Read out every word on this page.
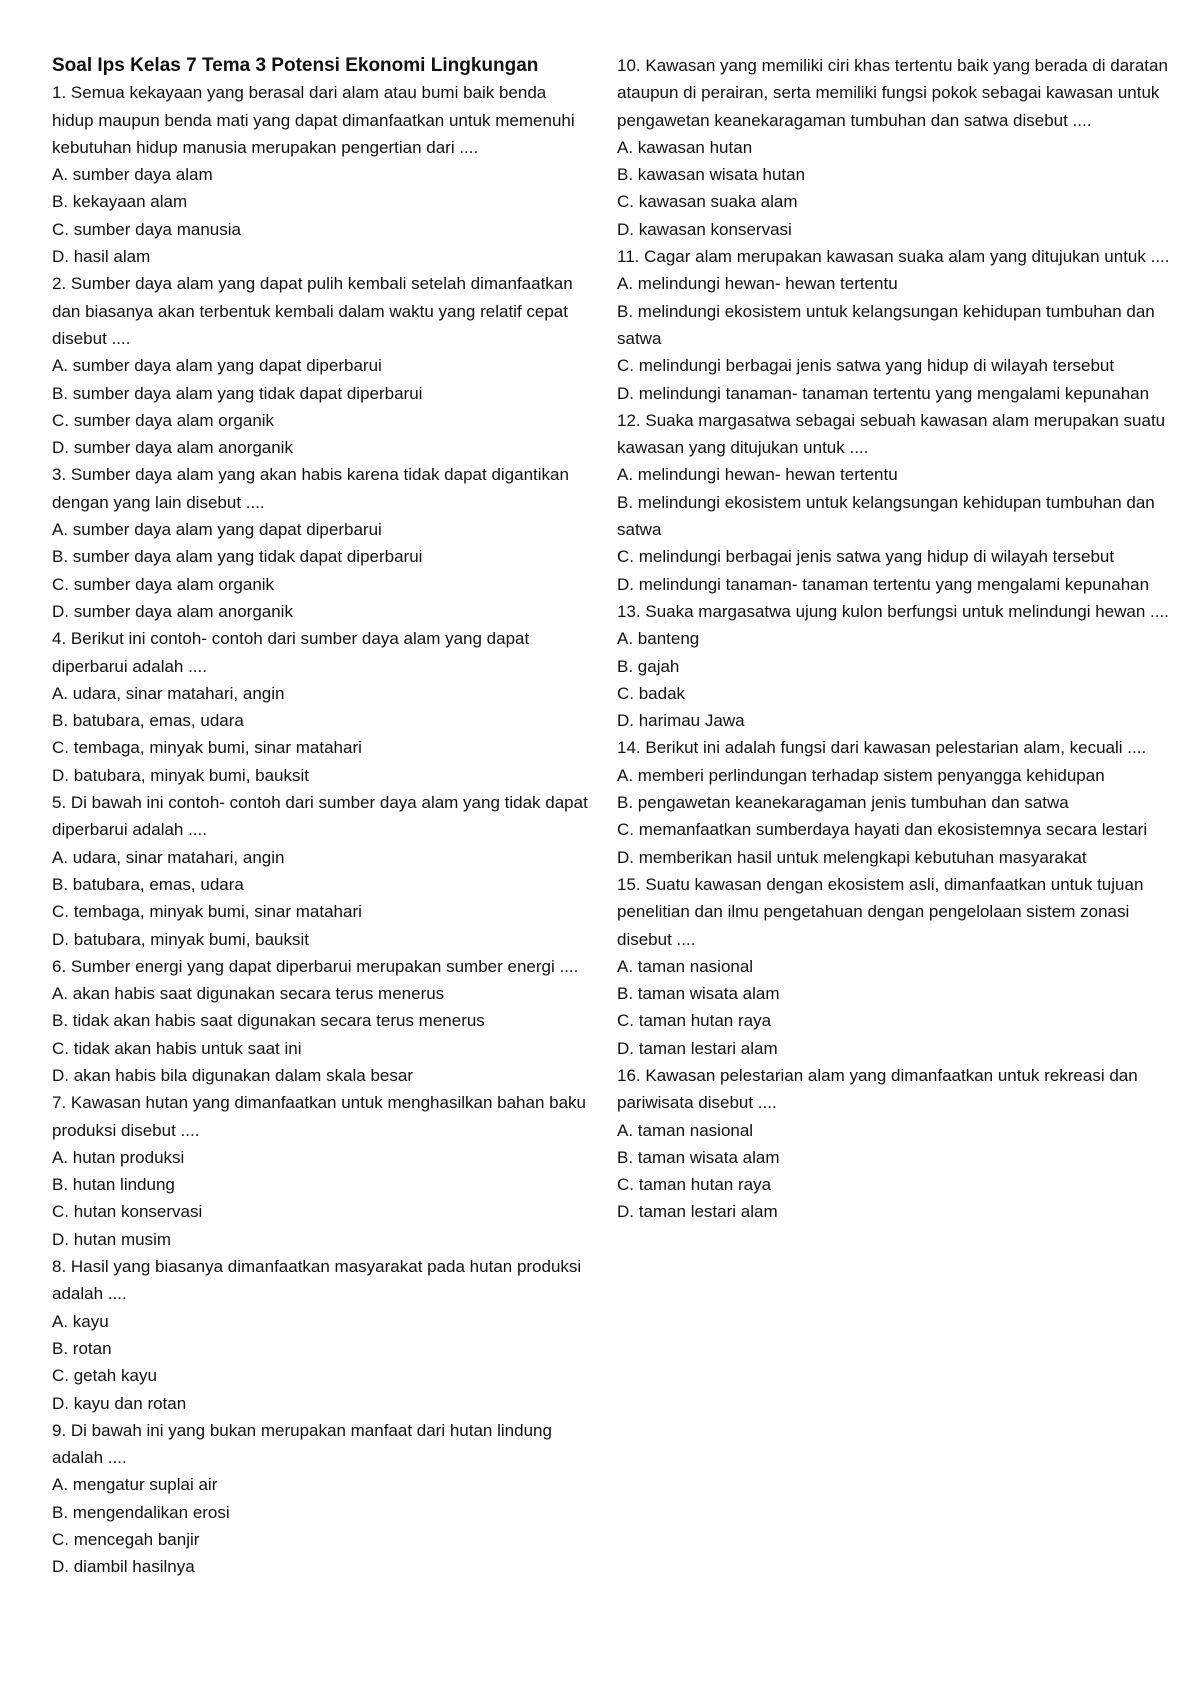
Soal Ips Kelas 7 Tema 3 Potensi Ekonomi Lingkungan
1. Semua kekayaan yang berasal dari alam atau bumi baik benda hidup maupun benda mati yang dapat dimanfaatkan untuk memenuhi kebutuhan hidup manusia merupakan pengertian dari ....
A. sumber daya alam
B. kekayaan alam
C. sumber daya manusia
D. hasil alam
2. Sumber daya alam yang dapat pulih kembali setelah dimanfaatkan dan biasanya akan terbentuk kembali dalam waktu yang relatif cepat disebut ....
A. sumber daya alam yang dapat diperbarui
B. sumber daya alam yang tidak dapat diperbarui
C. sumber daya alam organik
D. sumber daya alam anorganik
3. Sumber daya alam yang akan habis karena tidak dapat digantikan dengan yang lain disebut ....
A. sumber daya alam yang dapat diperbarui
B. sumber daya alam yang tidak dapat diperbarui
C. sumber daya alam organik
D. sumber daya alam anorganik
4. Berikut ini contoh- contoh dari sumber daya alam yang dapat diperbarui adalah ....
A. udara, sinar matahari, angin
B. batubara, emas, udara
C. tembaga, minyak bumi, sinar matahari
D. batubara, minyak bumi, bauksit
5. Di bawah ini contoh- contoh dari sumber daya alam yang tidak dapat diperbarui adalah ....
A. udara, sinar matahari, angin
B. batubara, emas, udara
C. tembaga, minyak bumi, sinar matahari
D. batubara, minyak bumi, bauksit
6. Sumber energi yang dapat diperbarui merupakan sumber energi ....
A. akan habis saat digunakan secara terus menerus
B. tidak akan habis saat digunakan secara terus menerus
C. tidak akan habis untuk saat ini
D. akan habis bila digunakan dalam skala besar
7. Kawasan hutan yang dimanfaatkan untuk menghasilkan bahan baku produksi disebut ....
A. hutan produksi
B. hutan lindung
C. hutan konservasi
D. hutan musim
8. Hasil yang biasanya dimanfaatkan masyarakat pada hutan produksi adalah ....
A. kayu
B. rotan
C. getah kayu
D. kayu dan rotan
9. Di bawah ini yang bukan merupakan manfaat dari hutan lindung adalah ....
A. mengatur suplai air
B. mengendalikan erosi
C. mencegah banjir
D. diambil hasilnya
10. Kawasan yang memiliki ciri khas tertentu baik yang berada di daratan ataupun di perairan, serta memiliki fungsi pokok sebagai kawasan untuk pengawetan keanekaragaman tumbuhan dan satwa disebut ....
A. kawasan hutan
B. kawasan wisata hutan
C. kawasan suaka alam
D. kawasan konservasi
11. Cagar alam merupakan kawasan suaka alam yang ditujukan untuk ....
A. melindungi hewan- hewan tertentu
B. melindungi ekosistem untuk kelangsungan kehidupan tumbuhan dan satwa
C. melindungi berbagai jenis satwa yang hidup di wilayah tersebut
D. melindungi tanaman- tanaman tertentu yang mengalami kepunahan
12. Suaka margasatwa sebagai sebuah kawasan alam merupakan suatu kawasan yang ditujukan untuk ....
A. melindungi hewan- hewan tertentu
B. melindungi ekosistem untuk kelangsungan kehidupan tumbuhan dan satwa
C. melindungi berbagai jenis satwa yang hidup di wilayah tersebut
D. melindungi tanaman- tanaman tertentu yang mengalami kepunahan
13. Suaka margasatwa ujung kulon berfungsi untuk melindungi hewan ....
A. banteng
B. gajah
C. badak
D. harimau Jawa
14. Berikut ini adalah fungsi dari kawasan pelestarian alam, kecuali ....
A. memberi perlindungan terhadap sistem penyangga kehidupan
B. pengawetan keanekaragaman jenis tumbuhan dan satwa
C. memanfaatkan sumberdaya hayati dan ekosistemnya secara lestari
D. memberikan hasil untuk melengkapi kebutuhan masyarakat
15. Suatu kawasan dengan ekosistem asli, dimanfaatkan untuk tujuan penelitian dan ilmu pengetahuan dengan pengelolaan sistem zonasi disebut ....
A. taman nasional
B. taman wisata alam
C. taman hutan raya
D. taman lestari alam
16. Kawasan pelestarian alam yang dimanfaatkan untuk rekreasi dan pariwisata disebut ....
A. taman nasional
B. taman wisata alam
C. taman hutan raya
D. taman lestari alam
